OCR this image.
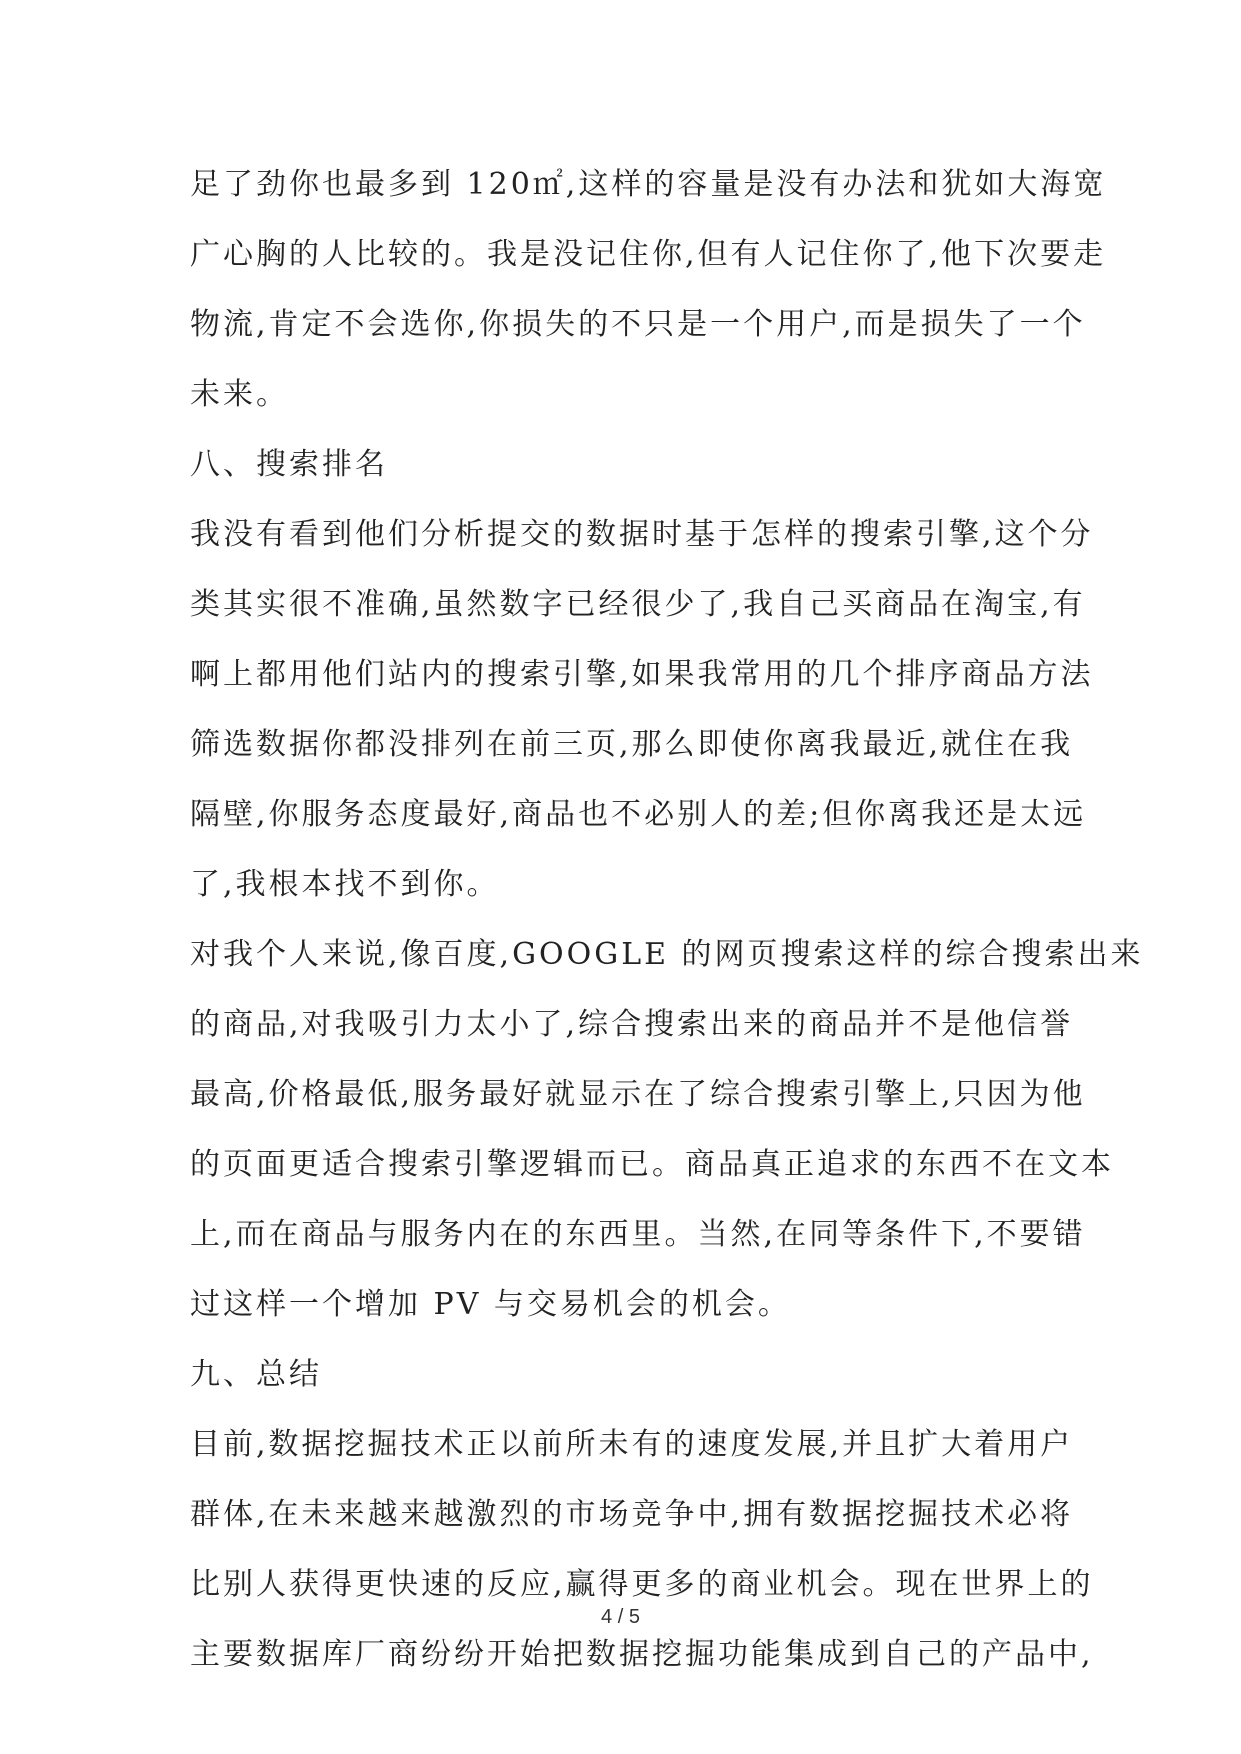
足了劲你也最多到 120㎡,这样的容量是没有办法和犹如大海宽
广心胸的人比较的。我是没记住你,但有人记住你了,他下次要走
物流,肯定不会选你,你损失的不只是一个用户,而是损失了一个
未来。
八、搜索排名
我没有看到他们分析提交的数据时基于怎样的搜索引擎,这个分
类其实很不准确,虽然数字已经很少了,我自己买商品在淘宝,有
啊上都用他们站内的搜索引擎,如果我常用的几个排序商品方法
筛选数据你都没排列在前三页,那么即使你离我最近,就住在我
隔壁,你服务态度最好,商品也不必别人的差;但你离我还是太远
了,我根本找不到你。
对我个人来说,像百度,GOOGLE 的网页搜索这样的综合搜索出来
的商品,对我吸引力太小了,综合搜索出来的商品并不是他信誉
最高,价格最低,服务最好就显示在了综合搜索引擎上,只因为他
的页面更适合搜索引擎逻辑而已。商品真正追求的东西不在文本
上,而在商品与服务内在的东西里。当然,在同等条件下,不要错
过这样一个增加 PV 与交易机会的机会。
九、总结
目前,数据挖掘技术正以前所未有的速度发展,并且扩大着用户
群体,在未来越来越激烈的市场竞争中,拥有数据挖掘技术必将
比别人获得更快速的反应,赢得更多的商业机会。现在世界上的
主要数据库厂商纷纷开始把数据挖掘功能集成到自己的产品中,
4 / 5
